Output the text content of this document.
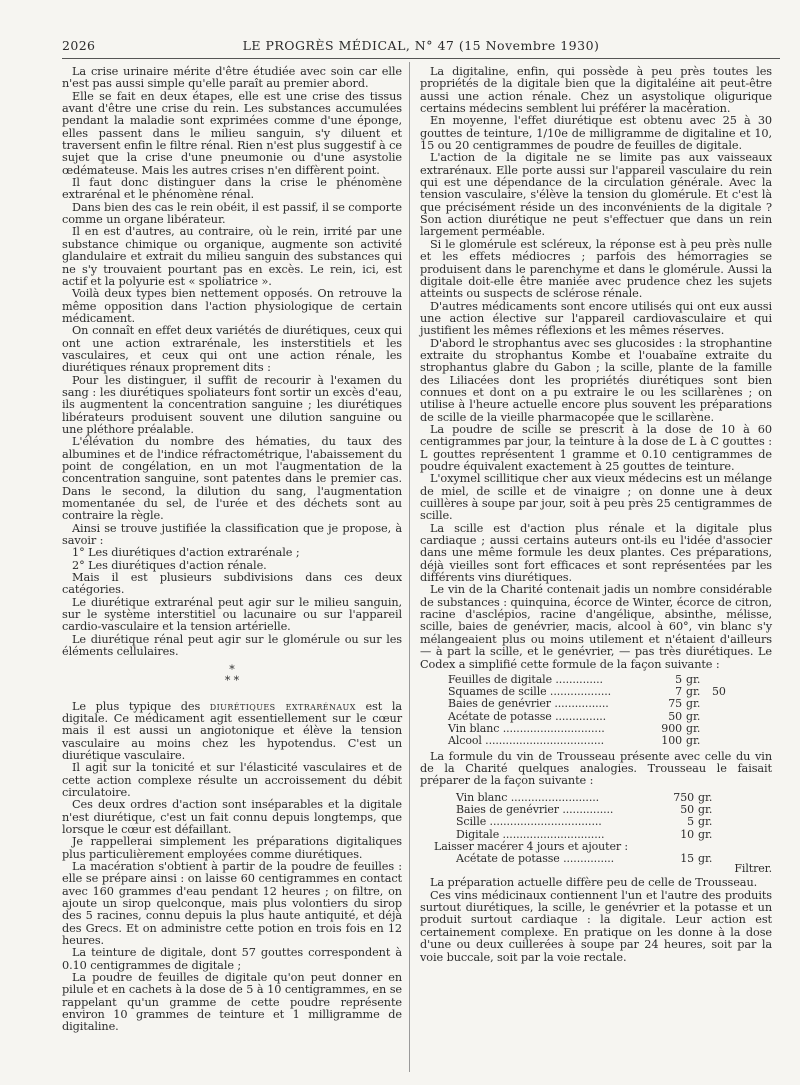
2026	LE PROGRÈS MÉDICAL, N° 47 (15 Novembre 1930)

La crise urinaire mérite d'être étudiée avec soin car elle n'est pas aussi simple qu'elle paraît au premier abord.

Elle se fait en deux étapes, elle est une crise des tissus avant d'être une crise du rein. Les substances accumulées pendant la maladie sont exprimées comme d'une éponge, elles passent dans le milieu sanguin, s'y diluent et traversent enfin le filtre rénal. Rien n'est plus suggestif à ce sujet que la crise d'une pneumonie ou d'une asystolie œdémateuse. Mais les autres crises n'en diffèrent point.

Il faut donc distinguer dans la crise le phénomène extrarénal et le phénomène rénal.

Dans bien des cas le rein obéit, il est passif, il se comporte comme un organe libérateur.

Il en est d'autres, au contraire, où le rein, irrité par une substance chimique ou organique, augmente son activité glandulaire et extrait du milieu sanguin des substances qui ne s'y trouvaient pourtant pas en excès. Le rein, ici, est actif et la polyurie est « spoliatrice ».

Voilà deux types bien nettement opposés. On retrouve la même opposition dans l'action physiologique de certain médicament.

On connaît en effet deux variétés de diurétiques, ceux qui ont une action extrarénale, les insterstitiels et les vasculaires, et ceux qui ont une action rénale, les diurétiques rénaux proprement dits :

Pour les distinguer, il suffit de recourir à l'examen du sang : les diurétiques spoliateurs font sortir un excès d'eau, ils augmentent la concentration sanguine ; les diurétiques libérateurs produisent souvent une dilution sanguine ou une pléthore préalable.

L'élévation du nombre des hématies, du taux des albumines et de l'indice réfractométrique, l'abaissement du point de congélation, en un mot l'augmentation de la concentration sanguine, sont patentes dans le premier cas. Dans le second, la dilution du sang, l'augmentation momentanée du sel, de l'urée et des déchets sont au contraire la règle.

Ainsi se trouve justifiée la classification que je propose, à savoir :

1° Les diurétiques d'action extrarénale ;

2° Les diurétiques d'action rénale.

Mais il est plusieurs subdivisions dans ces deux catégories.

Le diurétique extrarénal peut agir sur le milieu sanguin, sur le système interstitiel ou lacunaire ou sur l'appareil cardio-vasculaire et la tension artérielle.

Le diurétique rénal peut agir sur le glomérule ou sur les éléments cellulaires.

*
* *

Le plus typique des diurétiques extrarénaux est la digitale. Ce médicament agit essentiellement sur le cœur mais il est aussi un angiotonique et élève la tension vasculaire au moins chez les hypotendus. C'est un diurétique vasculaire.

Il agit sur la tonicité et sur l'élasticité vasculaires et de cette action complexe résulte un accroissement du débit circulatoire.

Ces deux ordres d'action sont inséparables et la digitale n'est diurétique, c'est un fait connu depuis longtemps, que lorsque le cœur est défaillant.

Je rappellerai simplement les préparations digitaliques plus particulièrement employées comme diurétiques.

La macération s'obtient à partir de la poudre de feuilles : elle se prépare ainsi : on laisse 60 centigrammes en contact avec 160 grammes d'eau pendant 12 heures ; on filtre, on ajoute un sirop quelconque, mais plus volontiers du sirop des 5 racines, connu depuis la plus haute antiquité, et déjà des Grecs. Et on administre cette potion en trois fois en 12 heures.

La teinture de digitale, dont 57 gouttes correspondent à 0.10 centigrammes de digitale ;

La poudre de feuilles de digitale qu'on peut donner en pilule et en cachets à la dose de 5 à 10 centigrammes, en se rappelant qu'un gramme de cette poudre représente environ 10 grammes de teinture et 1 milligramme de digitaline.

La digitaline, enfin, qui possède à peu près toutes les propriétés de la digitale bien que la digitaléine ait peut-être aussi une action rénale. Chez un asystolique oligurique certains médecins semblent lui préférer la macération.

En moyenne, l'effet diurétique est obtenu avec 25 à 30 gouttes de teinture, 1/10e de milligramme de digitaline et 10, 15 ou 20 centigrammes de poudre de feuilles de digitale.

L'action de la digitale ne se limite pas aux vaisseaux extrarénaux. Elle porte aussi sur l'appareil vasculaire du rein qui est une dépendance de la circulation générale. Avec la tension vasculaire, s'élève la tension du glomérule. Et c'est là que précisément réside un des inconvénients de la digitale ? Son action diurétique ne peut s'effectuer que dans un rein largement perméable.

Si le glomérule est scléreux, la réponse est à peu près nulle et les effets médiocres ; parfois des hémorragies se produisent dans le parenchyme et dans le glomérule. Aussi la digitale doit-elle être maniée avec prudence chez les sujets atteints ou suspects de sclérose rénale.

D'autres médicaments sont encore utilisés qui ont eux aussi une action élective sur l'appareil cardiovasculaire et qui justifient les mêmes réflexions et les mêmes réserves.

D'abord le strophantus avec ses glucosides : la strophantine extraite du strophantus Kombe et l'ouabaïne extraite du strophantus glabre du Gabon ; la scille, plante de la famille des Liliacées dont les propriétés diurétiques sont bien connues et dont on a pu extraire le ou les scillarènes ; on utilise à l'heure actuelle encore plus souvent les préparations de scille de la vieille pharmacopée que le scillarène.

La poudre de scille se prescrit à la dose de 10 à 60 centigrammes par jour, la teinture à la dose de L à C gouttes : L gouttes représentent 1 gramme et 0.10 centigrammes de poudre équivalent exactement à 25 gouttes de teinture.

L'oxymel scillitique cher aux vieux médecins est un mélange de miel, de scille et de vinaigre ; on donne une à deux cuillères à soupe par jour, soit à peu près 25 centigrammes de scille.

La scille est d'action plus rénale et la digitale plus cardiaque ; aussi certains auteurs ont-ils eu l'idée d'associer dans une même formule les deux plantes. Ces préparations, déjà vieilles sont fort efficaces et sont représentées par les différents vins diurétiques.

Le vin de la Charité contenait jadis un nombre considérable de substances : quinquina, écorce de Winter, écorce de citron, racine d'asclépios, racine d'angélique, absinthe, mélisse, scille, baies de genévrier, macis, alcool à 60°, vin blanc s'y mélangeaient plus ou moins utilement et n'étaient d'ailleurs — à part la scille, et le genévrier, — pas très diurétiques. Le Codex a simplifié cette formule de la façon suivante :

Feuilles de digitale ..............	5	gr.	
Squames de scille ..................	7	gr.	50
Baies de genévrier ................	75	gr.	
Acétate de potasse ...............	50	gr.	
Vin blanc ..............................	900	gr.	
Alcool ...................................	100	gr.	

La formule du vin de Trousseau présente avec celle du vin de la Charité quelques analogies. Trousseau le faisait préparer de la façon suivante :

Vin blanc ..........................	750 gr.
Baies de genévrier ...............	50 gr.
Scille .................................	5 gr.
Digitale ..............................	10 gr.
Laisser macérer 4 jours et ajouter :
Acétate de potasse ...............	15 gr.
Filtrer.

La préparation actuelle diffère peu de celle de Trousseau.

Ces vins médicinaux contiennent l'un et l'autre des produits surtout diurétiques, la scille, le genévrier et la potasse et un produit surtout cardiaque : la digitale. Leur action est certainement complexe. En pratique on les donne à la dose d'une ou deux cuillerées à soupe par 24 heures, soit par la voie buccale, soit par la voie rectale.
